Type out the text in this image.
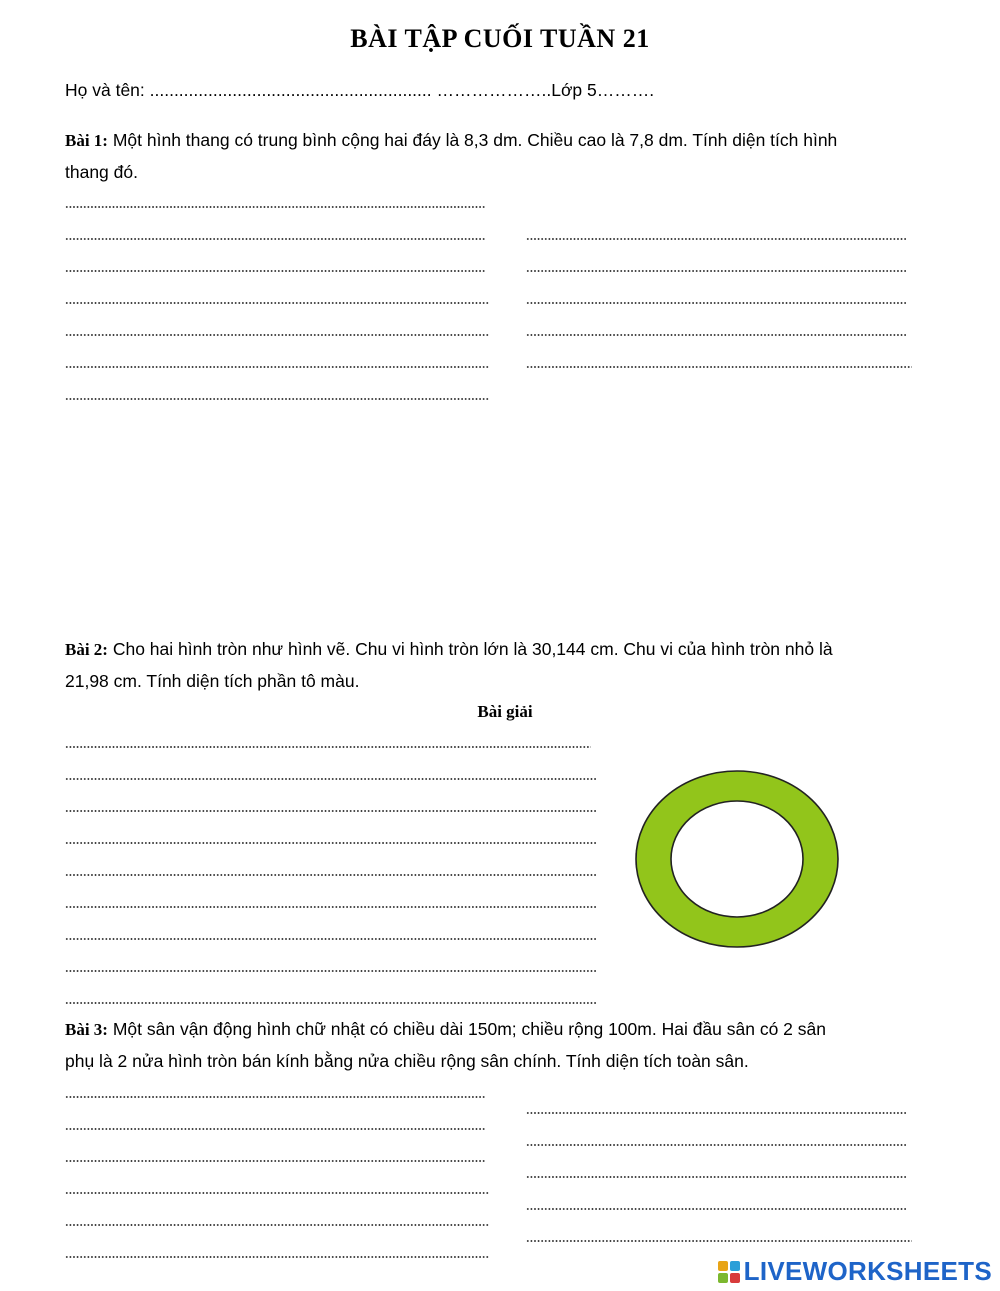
BÀI TẬP CUỐI TUẦN 21
Họ và tên: .......................................................... ………………..Lớp 5……….
Bài 1: Một hình thang có trung bình cộng hai đáy là 8,3 dm. Chiều cao là 7,8 dm. Tính diện tích hình
thang đó.
Bài 2: Cho hai hình tròn như hình vẽ. Chu vi hình tròn lớn là 30,144 cm. Chu vi của hình tròn nhỏ là
21,98 cm. Tính diện tích phần tô màu.
Bài giải
Bài 3: Một sân vận động hình chữ nhật có chiều dài 150m; chiều rộng 100m. Hai đầu sân có 2 sân
phụ là 2 nửa hình tròn bán kính bằng nửa chiều rộng sân chính. Tính diện tích toàn sân.
LIVEWORKSHEETS
